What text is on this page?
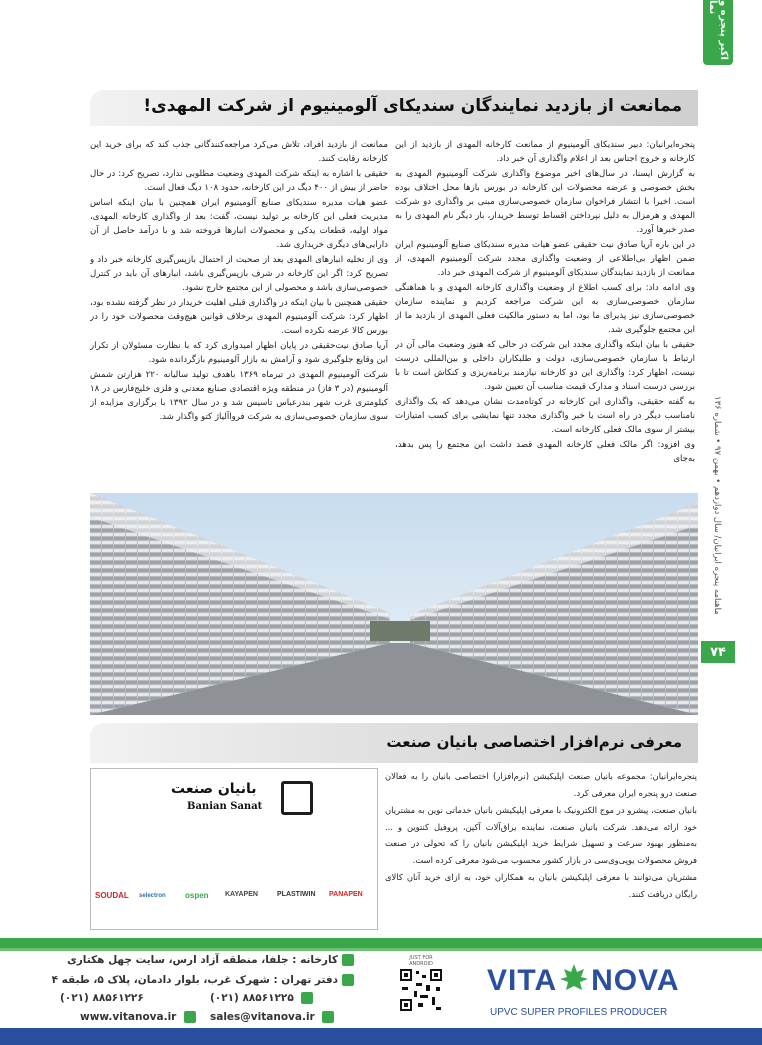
اکبر پنجره و نما
ماهنامه پنجره ایرانیان/ سال دوازدهم • بهمن ۹۷ • شماره ۱۳۶
۷۴
ممانعت از بازدید نمایندگان سندیکای آلومینیوم از شرکت المهدی!

پنجره‌ایرانیان: دبیر سندیکای آلومینیوم از ممانعت کارخانه المهدی از بازدید از این کارخانه و خروج اجناس بعد از اعلام واگذاری آن خبر داد.

به گزارش ایسنا، در سال‌های اخیر موضوع واگذاری شرکت آلومینیوم المهدی به بخش خصوصی و عرضه محصولات این کارخانه در بورس بارها محل اختلاف بوده است. اخیرا با انتشار فراخوان سازمان خصوصی‌سازی مبنی بر واگذاری دو شرکت المهدی و هرمزال به دلیل نپرداختن اقساط توسط خریدار، بار دیگر نام المهدی را به صدر خبرها آورد.

در این باره آریا صادق نیت حقیقی عضو هیات مدیره سندیکای صنایع آلومینیوم ایران ضمن اظهار بی‌اطلاعی از وضعیت واگذاری مجدد شرکت آلومینیوم المهدی، از ممانعت از بازدید نمایندگان سندیکای آلومینیوم از شرکت المهدی خبر داد.

وی ادامه داد: برای کسب اطلاع از وضعیت واگذاری کارخانه المهدی و با هماهنگی سازمان خصوصی‌سازی به این شرکت مراجعه کردیم و نماینده سازمان خصوصی‌سازی نیز پذیرای ما بود، اما به دستور مالکیت فعلی المهدی از بازدید ما از این مجتمع جلوگیری شد.

حقیقی با بیان اینکه واگذاری مجدد این شرکت در حالی که هنوز وضعیت مالی آن در ارتباط با سازمان خصوصی‌سازی، دولت و طلبکاران داخلی و بین‌المللی درست نیست، اظهار کرد: واگذاری این دو کارخانه نیازمند برنامه‌ریزی و کنکاش است تا با بررسی درست اسناد و مدارک قیمت مناسب آن تعیین شود.

به گفته حقیقی، واگذاری این کارخانه در کوتاه‌مدت نشان می‌دهد که یک واگذاری نامناسب دیگر در راه است یا خبر واگذاری مجدد تنها نمایشی برای کسب امتیازات بیشتر از سوی مالک فعلی کارخانه است.

وی افزود: اگر مالک فعلی کارخانه المهدی قصد داشت این مجتمع را پس بدهد، به‌جای

ممانعت از بازدید افراد، تلاش می‌کرد مراجعه‌کنندگانی جذب کند که برای خرید این کارخانه رقابت کنند.

حقیقی با اشاره به اینکه شرکت المهدی وضعیت مطلوبی ندارد، تصریح کرد: در حال حاضر از بیش از ۴۰۰ دیگ در این کارخانه، حدود ۱۰۸ دیگ فعال است.

عضو هیات مدیره سندیکای صنایع آلومینیوم ایران همچنین با بیان اینکه اساس مدیریت فعلی این کارخانه بر تولید نیست، گفت: بعد از واگذاری کارخانه المهدی، مواد اولیه، قطعات یدکی و محصولات انبارها فروخته شد و با درآمد حاصل از آن دارایی‌های دیگری خریداری شد.

وی از تخلیه انبارهای المهدی بعد از صحبت از احتمال بازپس‌گیری کارخانه خبر داد و تصریح کرد: اگر این کارخانه در شرف بازپس‌گیری باشد، انبارهای آن باید در کنترل خصوصی‌سازی باشد و محصولی از این مجتمع خارج نشود.

حقیقی همچنین با بیان اینکه در واگذاری قبلی اهلیت خریدار در نظر گرفته نشده بود، اظهار کرد: شرکت آلومینیوم المهدی برخلاف قوانین هیچ‌وقت محصولات خود را در بورس کالا عرضه نکرده است.

آریا صادق نیت‌حقیقی در پایان اظهار امیدواری کرد که با نظارت مسئولان از تکرار این وقایع جلوگیری شود و آرامش به بازار آلومینیوم بازگردانده شود.

شرکت آلومینیوم المهدی در تیرماه ۱۳۶۹ باهدف تولید سالیانه ۲۲۰ هزارتن شمش آلومینیوم (در ۳ فاز) در منطقه ویژه اقتصادی صنایع معدنی و فلزی خلیج‌فارس در ۱۸ کیلومتری غرب شهر بندرعباس تاسیس شد و در سال ۱۳۹۲ با برگزاری مزایده از سوی سازمان خصوصی‌سازی به شرکت فرواآلیاژ کتو واگذار شد.

معرفی نرم‌افزار اختصاصی بانیان صنعت

پنجره‌ایرانیان: مجموعه بانیان صنعت اپلیکیشن (نرم‌افزار) اختصاصی بانیان را به فعالان صنعت درو پنجره ایران معرفی کرد.

بانیان صنعت، پیشرو در موج الکترونیک با معرفی اپلیکیشن بانیان خدماتی نوین به مشتریان خود ارائه می‌دهد. شرکت بانیان صنعت، نماینده یراق‌آلات آکپن، پروفیل کنتوین و ... به‌منظور بهبود سرعت و تسهیل شرایط خرید اپلیکیشن بانیان را که تحولی در صنعت فروش محصولات یوپی‌وی‌سی در بازار کشور محسوب می‌شود معرفی کرده است.

مشتریان می‌توانند با معرفی اپلیکیشن بانیان به همکاران خود، به ازای خرید آنان کالای رایگان دریافت کنند.

بانیان صنعت
Banian Sanat
SOUDAL selectron ospen KAYAPEN	PLASTIWIN PANAPEN
کارخانه : جلفا، منطقه آزاد ارس، سایت چهل هکتاری
دفتر تهران : شهرک غرب، بلوار دادمان، پلاک ۵، طبقه ۴
(۰۲۱) ۸۸۵۶۱۲۲۵
(۰۲۱) ۸۸۵۶۱۲۲۶
sales@vitanova.ir
www.vitanova.ir
JUST FOR ANDROID	VITA NOVA
UPVC SUPER PROFILES PRODUCER
